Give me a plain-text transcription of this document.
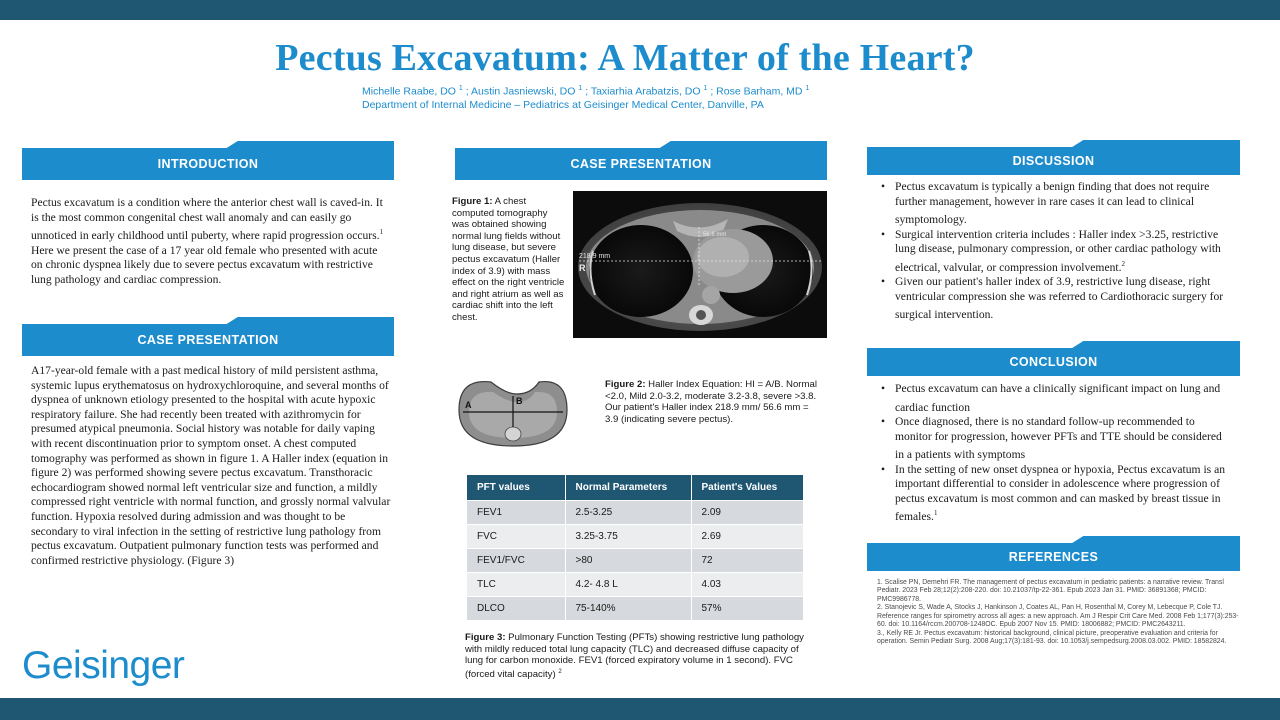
Pectus Excavatum: A Matter of the Heart?
Michelle Raabe, DO $^1$ ; Austin Jasniewski, DO $^1$ ; Taxiarhia Arabatzis, DO $^1$ ; Rose Barham, MD $^1$
Department of Internal Medicine – Pediatrics at Geisinger Medical Center, Danville, PA
INTRODUCTION
Pectus excavatum is a condition where the anterior chest wall is caved-in. It is the most common congenital chest wall anomaly and can easily go unnoticed in early childhood until puberty, where rapid progression occurs.$^1$ Here we present the case of a 17 year old female who presented with acute on chronic dyspnea likely due to severe pectus excavatum with restrictive lung pathology and cardiac compression.
CASE PRESENTATION
A17-year-old female with a past medical history of mild persistent asthma, systemic lupus erythematosus on hydroxychloroquine, and several months of dyspnea of unknown etiology presented to the hospital with acute hypoxic respiratory failure. She had recently been treated with azithromycin for presumed atypical pneumonia. Social history was notable for daily vaping with recent discontinuation prior to symptom onset. A chest computed tomography was performed as shown in figure 1. A Haller index (equation in figure 2) was performed showing severe pectus excavatum. Transthoracic echocardiogram showed normal left ventricular size and function, a mildly compressed right ventricle with normal function, and grossly normal valvular function. Hypoxia resolved during admission and was thought to be secondary to viral infection in the setting of restrictive lung pathology from pectus excavatum. Outpatient pulmonary function tests was performed and confirmed restrictive physiology. (Figure 3)
Geisinger
CASE PRESENTATION
Figure 1: A chest computed tomography was obtained showing normal lung fields without lung disease, but severe pectus excavatum (Haller index of 3.9) with mass effect on the right ventricle and right atrium as well as cardiac shift into the left chest.
218.9 mm
56.6 mm
R
A	B
Figure 2: Haller Index Equation: HI = A/B. Normal <2.0, Mild 2.0-3.2, moderate 3.2-3.8, severe >3.8. Our patient's Haller index 218.9 mm/ 56.6 mm = 3.9 (indicating severe pectus).
PFT values	Normal Parameters	Patient's Values
FEV1	2.5-3.25	2.09
FVC	3.25-3.75	2.69
FEV1/FVC	>80	72
TLC	4.2- 4.8 L	4.03
DLCO	75-140%	57%
Figure 3: Pulmonary Function Testing (PFTs) showing restrictive lung pathology with mildly reduced total lung capacity (TLC) and decreased diffuse capacity of lung for carbon monoxide. FEV1 (forced expiratory volume in 1 second). FVC (forced vital capacity) $^2$
DISCUSSION
• Pectus excavatum is typically a benign finding that does not require further management, however in rare cases it can lead to clinical symptomology.
• Surgical intervention criteria includes : Haller index >3.25, restrictive lung disease, pulmonary compression, or other cardiac pathology with electrical, valvular, or compression involvement.$^2$
• Given our patient's haller index of 3.9, restrictive lung disease, right ventricular compression she was referred to Cardiothoracic surgery for surgical intervention.
CONCLUSION
• Pectus excavatum can have a clinically significant impact on lung and cardiac function
• Once diagnosed, there is no standard follow-up recommended to monitor for progression, however PFTs and TTE should be considered in a patients with symptoms
• In the setting of new onset dyspnea or hypoxia, Pectus excavatum is an important differential to consider in adolescence where progression of pectus excavatum is most common and can masked by breast tissue in females.$^1$
REFERENCES

1. Scalise PN, Demehri FR. The management of pectus excavatum in pediatric patients: a narrative review. Transl Pediatr. 2023 Feb 28;12(2):208-220. doi: 10.21037/tp-22-361. Epub 2023 Jan 31. PMID: 36891368; PMCID: PMC9986778.

2. Stanojevic S, Wade A, Stocks J, Hankinson J, Coates AL, Pan H, Rosenthal M, Corey M, Lebecque P, Cole TJ. Reference ranges for spirometry across all ages: a new approach. Am J Respir Crit Care Med. 2008 Feb 1;177(3):253-60. doi: 10.1164/rccm.200708-1248OC. Epub 2007 Nov 15. PMID: 18006882; PMCID: PMC2643211.

3., Kelly RE Jr. Pectus excavatum: historical background, clinical picture, preoperative evaluation and criteria for operation. Semin Pediatr Surg. 2008 Aug;17(3):181-93. doi: 10.1053/j.sempedsurg.2008.03.002. PMID: 18582824.
